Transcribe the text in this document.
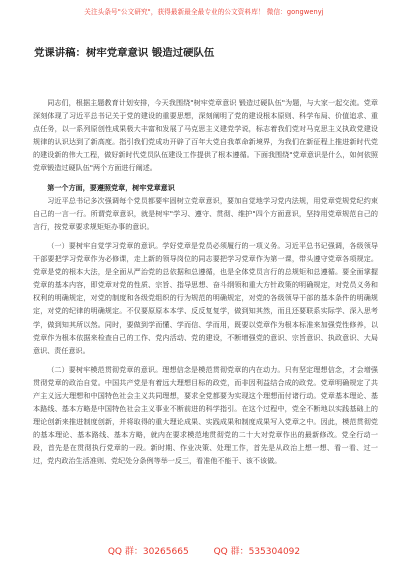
关注头条号"公文研究"，获得最新最全最专业的公文资料库！ 微信：gongwenyj
党课讲稿：树牢党章意识 锻造过硬队伍

同志们，根据主题教育计划安排，今天我围绕"树牢党章意识 锻造过硬队伍"为题，与大家一起交流。党章深刻体现了习近平总书记关于党的建设的重要思想，深刻阐明了党的建设根本原则、科学布局、价值追求、重点任务，以一系列原创性成果极大丰富和发展了马克思主义建党学说，标志着我们党对马克思主义执政党建设规律的认识达到了新高度。指引我们党成功开辟了百年大党自我革命新境界，为我们在新征程上推进新时代党的建设新的伟大工程，做好新时代党员队伍建设工作提供了根本遵循。下面我围绕"党章意识是什么，如何依照党章锻造过硬队伍"两个方面进行阐述。

第一个方面，要遵照党章，树牢党章意识

习近平总书记多次强调每个党员都要牢固树立党章意识，要加自觉地学习党内法规，用党章党规党纪约束自己的一言一行。所谓党章意识，就是树牢"学习、遵守、贯彻、维护"四个方面意识，坚持用党章规范自己的言行，按党章要求规矩矩办事的意识。

（一）要树牢自觉学习党章的意识。学好党章是党员必须履行的一项义务。习近平总书记强调，各级领导干部要把学习党章作为必修课，走上新的领导岗位的同志要把学习党章作为第一课，带头遵守党章各项规定。党章是党的根本大法，是全面从严治党的总依据和总遵循，也是全体党员言行的总规矩和总遵循。要全面掌握党章的基本内容，即党章对党的性质、宗旨、指导思想、奋斗纲领和重大方针政策的明确规定，对党员义务和权利的明确规定，对党的制度和各级党组织的行为规范的明确规定，对党的各级领导干部的基本条件的明确规定，对党的纪律的明确规定。不仅要原原本本学、反反复复学，做到知其然，而且还要联系实际学、深入思考学，做到知其所以然。同时，要做到学而懂、学而信、学而用，既要以党章作为根本标准来加强党性修养，以党章作为根本依据来检查自己的工作、党内活动、党的建设，不断增强党的意识、宗旨意识、执政意识、大局意识、责任意识。

（二）要树牢模范贯彻党章的意识。理想信念是模范贯彻党章的内在动力。只有坚定理想信念，才会增强贯彻党章的政治自觉。中国共产党是有着远大理想目标的政党，而非因利益结合成的政党。党章明确规定了共产主义远大理想和中国特色社会主义共同理想，要求全党都要为实现这个理想而付诸行动。党章基本理论、基本路线、基本方略是中国特色社会主义事业不断前进的科学指引。在这个过程中，党全不断地以实践基础上的理论创新来推进制度创新，并将取得的重大理论成果、实践成果和制度成果写入党章之中。因此，模范贯彻党的基本理论、基本路线、基本方略，就内在要求模范地贯彻党的二十大对党章作出的最新修改。党全行动一段，首先是在贯彻执行党章的一段。新时期、作业决策、处理工作，首先是从政治上想一想、看一看、过一过，党内政治生活准则、党纪处分条例等举一反三，看准他不能干、该不该做。

QQ 群：30265665	QQ 群：535304092
